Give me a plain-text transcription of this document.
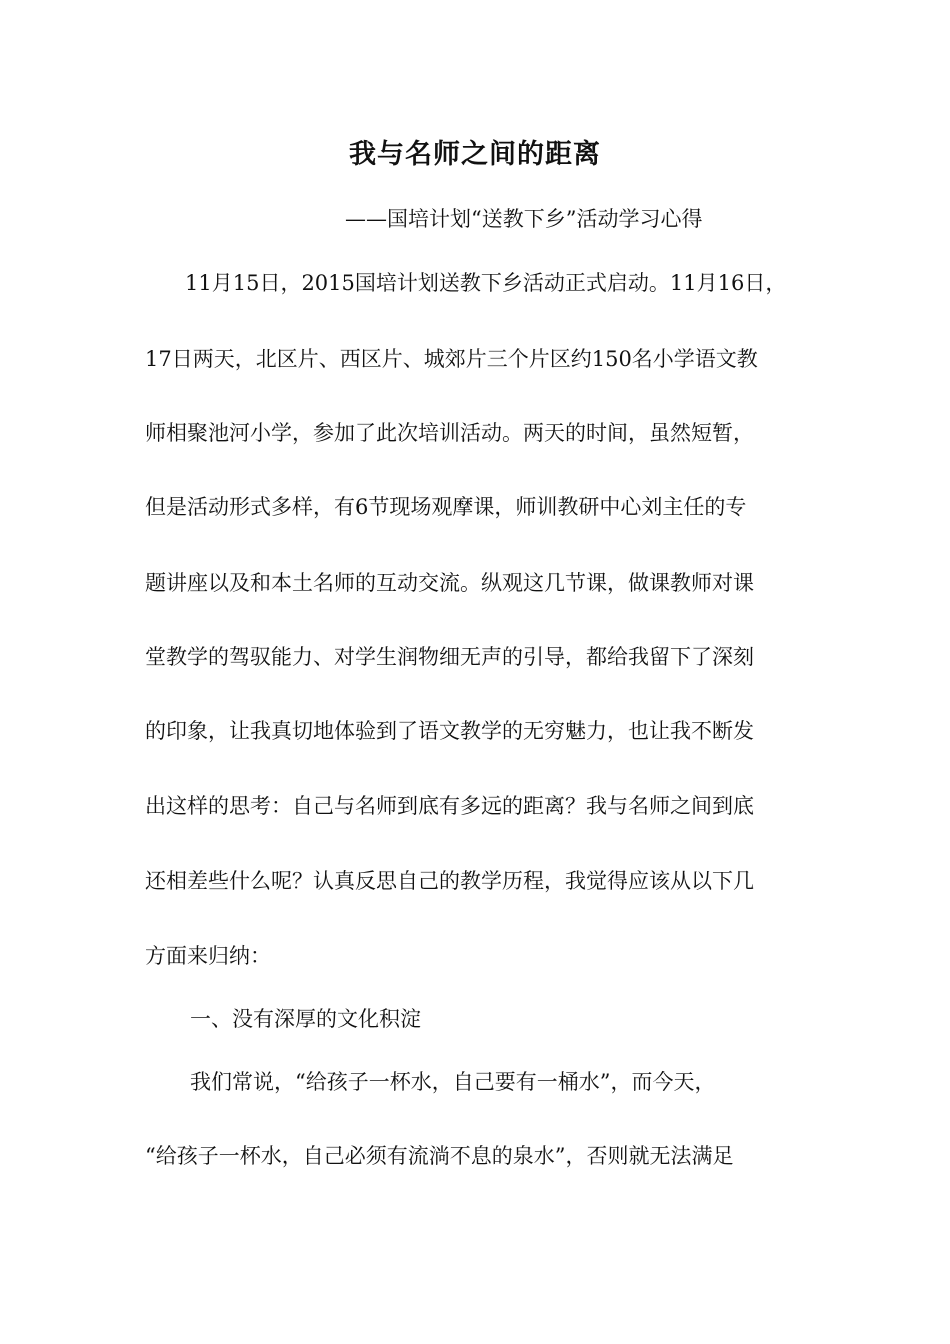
我与名师之间的距离

——国培计划“送教下乡”活动学习心得

11月15日，2015国培计划送教下乡活动正式启动。11月16日，

17日两天，北区片、西区片、城郊片三个片区约150名小学语文教

师相聚池河小学，参加了此次培训活动。两天的时间，虽然短暂，

但是活动形式多样，有6节现场观摩课，师训教研中心刘主任的专

题讲座以及和本土名师的互动交流。纵观这几节课，做课教师对课

堂教学的驾驭能力、对学生润物细无声的引导，都给我留下了深刻

的印象，让我真切地体验到了语文教学的无穷魅力，也让我不断发

出这样的思考：自己与名师到底有多远的距离？我与名师之间到底

还相差些什么呢？认真反思自己的教学历程，我觉得应该从以下几

方面来归纳：

一、没有深厚的文化积淀

我们常说，“给孩子一杯水，自己要有一桶水”，而今天，

“给孩子一杯水，自己必须有流淌不息的泉水”，否则就无法满足
